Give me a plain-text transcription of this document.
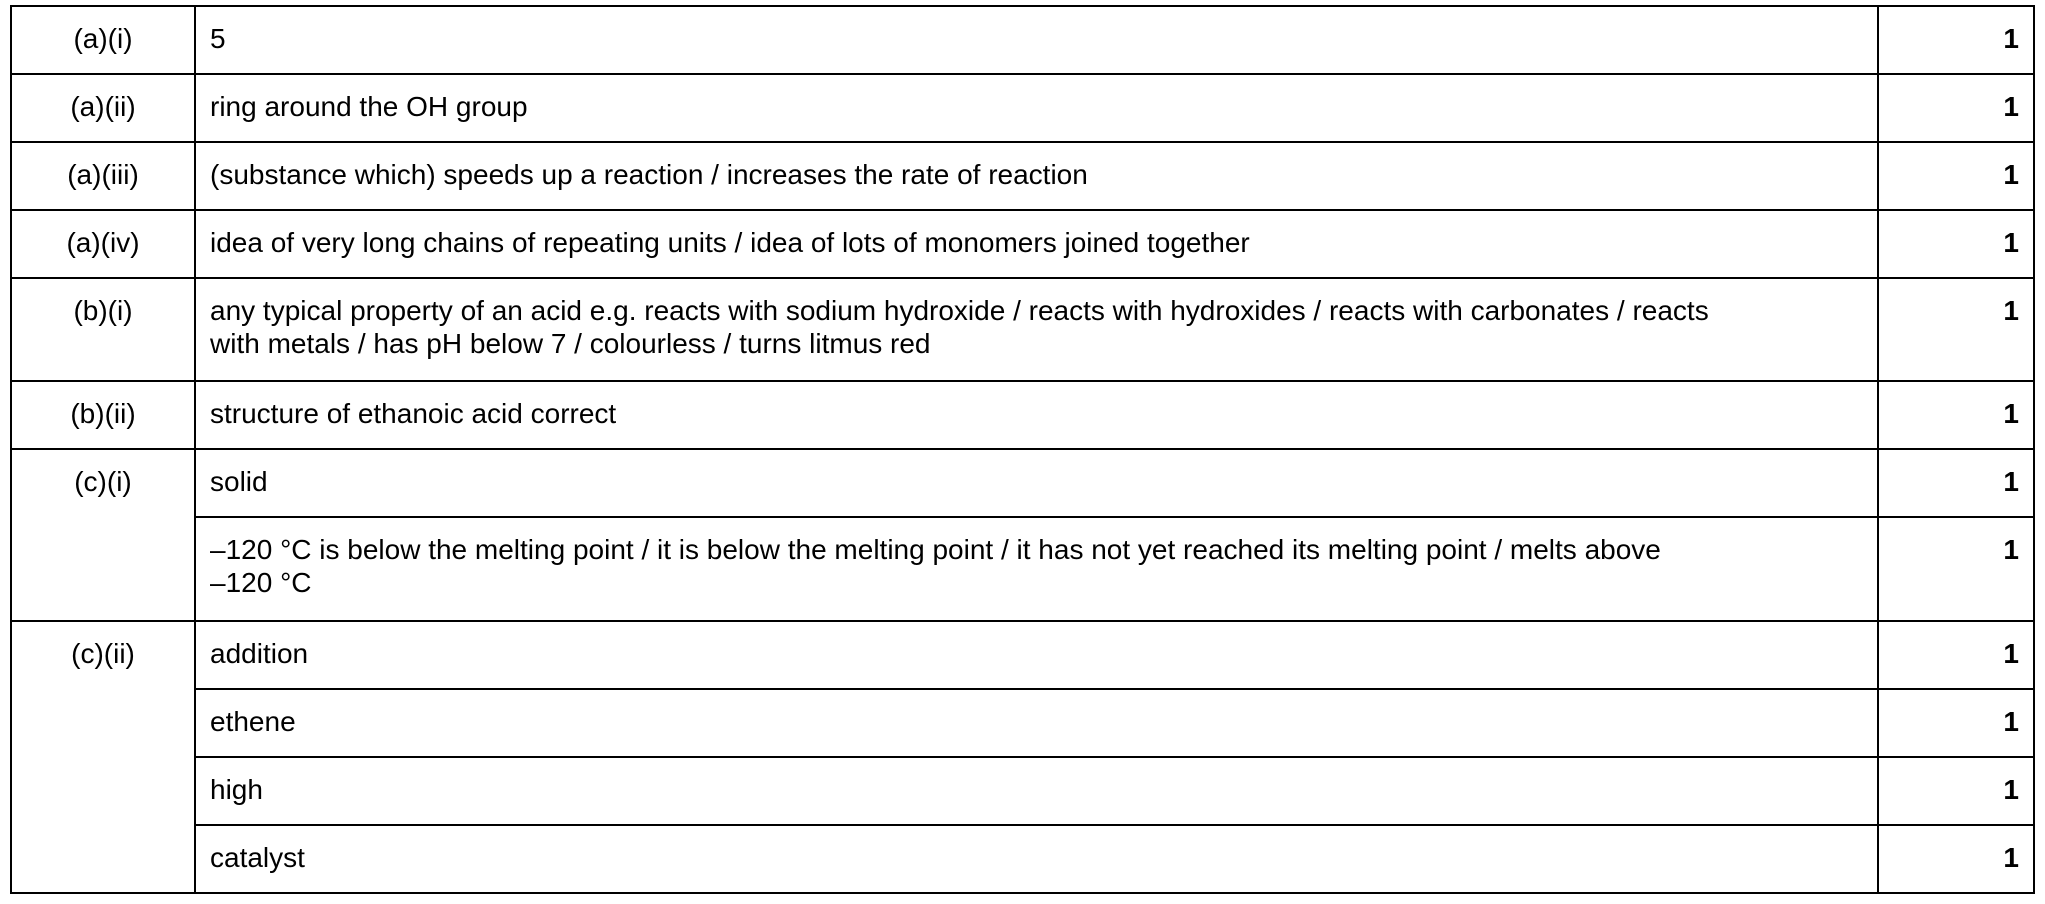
(a)(i)	5	1
(a)(ii)	ring around the OH group	1
(a)(iii)	(substance which) speeds up a reaction / increases the rate of reaction	1
(a)(iv)	idea of very long chains of repeating units / idea of lots of monomers joined together	1
(b)(i)	any typical property of an acid e.g. reacts with sodium hydroxide / reacts with hydroxides / reacts with carbonates / reacts
with metals / has pH below 7 / colourless / turns litmus red	1
(b)(ii)	structure of ethanoic acid correct	1
(c)(i)	solid	1

	–120 °C is below the melting point / it is below the melting point / it has not yet reached its melting point / melts above
–120 °C	1
(c)(ii)	addition	1
	ethene	1
	high	1
	catalyst	1
